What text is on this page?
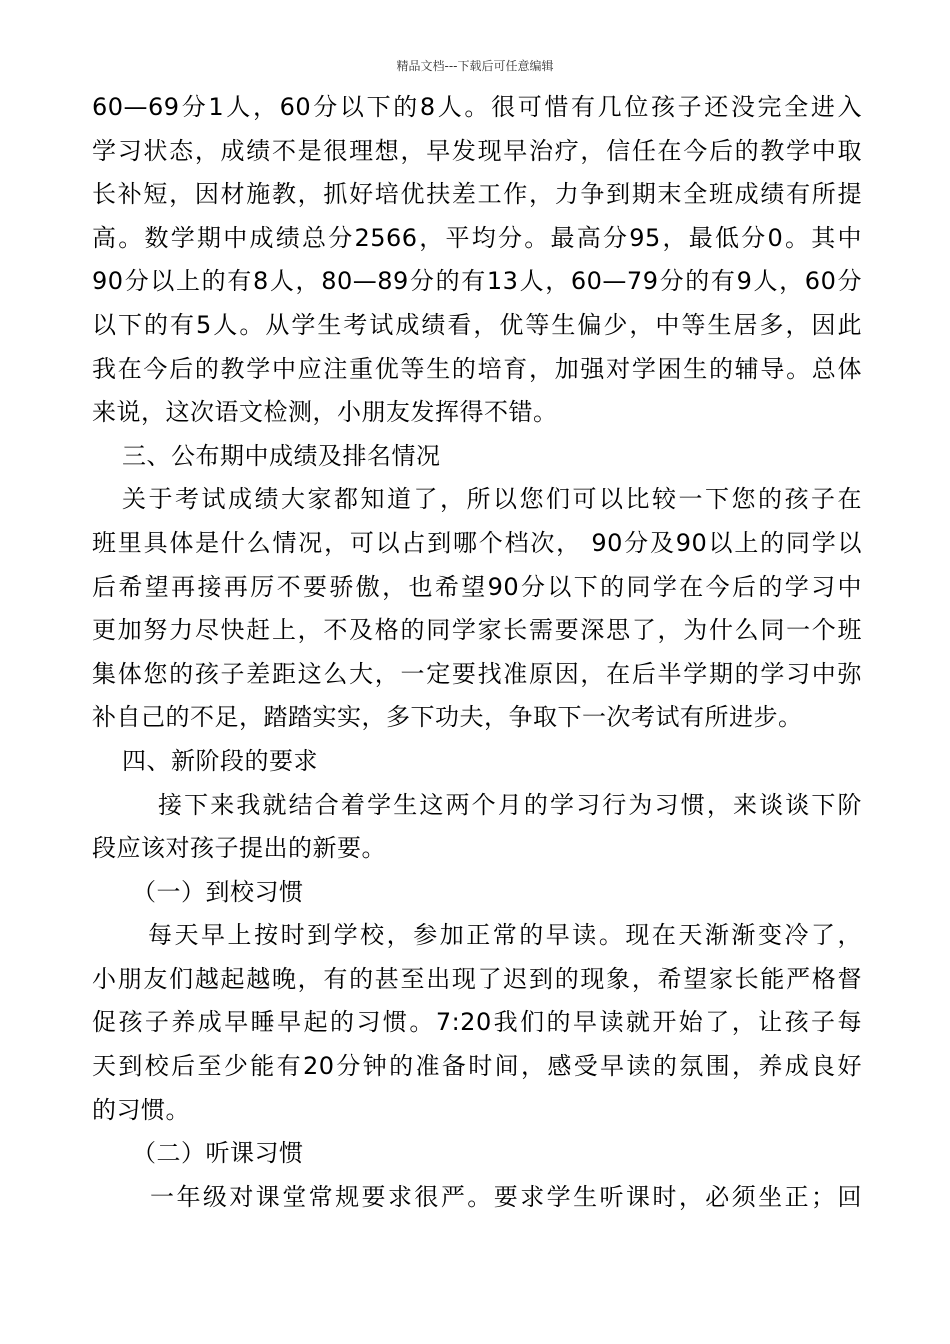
精品文档---下载后可任意编辑
60—69分1人，60分以下的8人。很可惜有几位孩子还没完全进入
学习状态，成绩不是很理想，早发现早治疗，信任在今后的教学中取
长补短，因材施教，抓好培优扶差工作，力争到期末全班成绩有所提
高。数学期中成绩总分2566，平均分。最高分95，最低分0。其中
90分以上的有8人，80—89分的有13人，60—79分的有9人，60分
以下的有5人。从学生考试成绩看，优等生偏少，中等生居多，因此
我在今后的教学中应注重优等生的培育，加强对学困生的辅导。总体
来说，这次语文检测，小朋友发挥得不错。
三、公布期中成绩及排名情况
关于考试成绩大家都知道了，所以您们可以比较一下您的孩子在
班里具体是什么情况，可以占到哪个档次， 90分及90以上的同学以
后希望再接再厉不要骄傲，也希望90分以下的同学在今后的学习中
更加努力尽快赶上，不及格的同学家长需要深思了，为什么同一个班
集体您的孩子差距这么大，一定要找准原因，在后半学期的学习中弥
补自己的不足，踏踏实实，多下功夫，争取下一次考试有所进步。
四、新阶段的要求
接下来我就结合着学生这两个月的学习行为习惯，来谈谈下阶
段应该对孩子提出的新要。
（一）到校习惯
每天早上按时到学校，参加正常的早读。现在天渐渐变冷了，
小朋友们越起越晚，有的甚至出现了迟到的现象，希望家长能严格督
促孩子养成早睡早起的习惯。7:20我们的早读就开始了，让孩子每
天到校后至少能有20分钟的准备时间，感受早读的氛围，养成良好
的习惯。
（二）听课习惯
一年级对课堂常规要求很严。要求学生听课时，必须坐正；回
